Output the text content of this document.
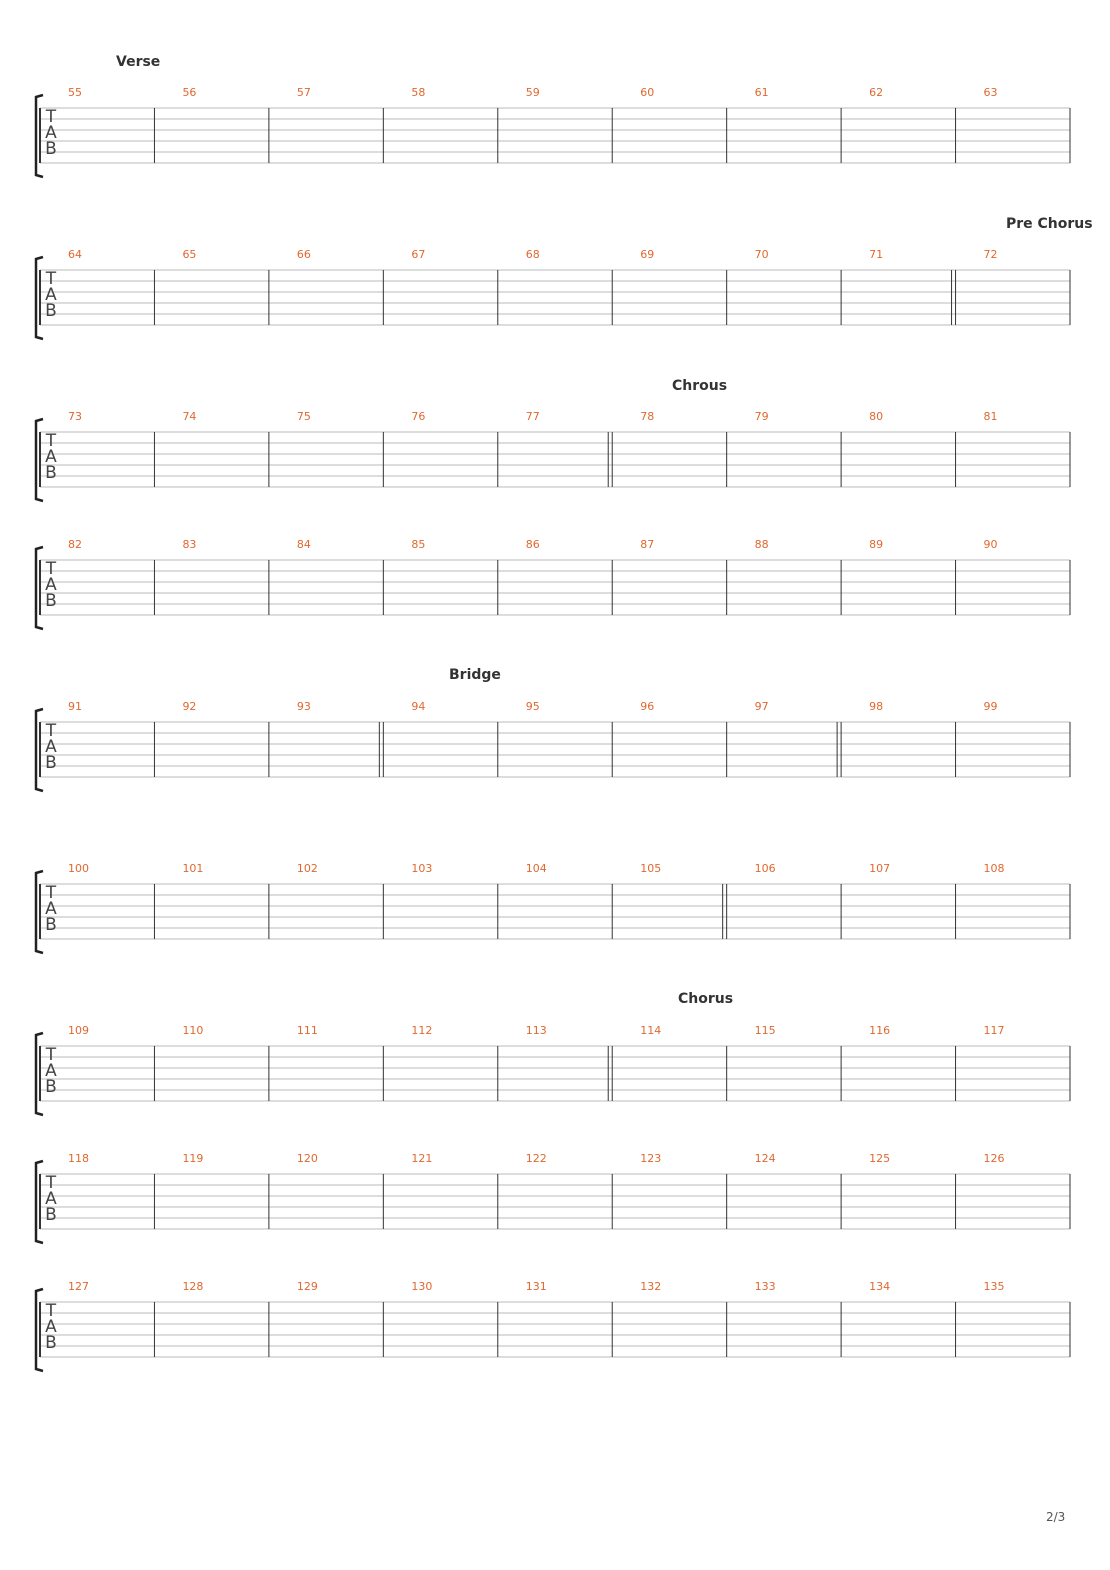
Verse
Pre Chorus
Chrous
Bridge
Chorus
T
A
B
55	56	57	58	59	60	61	62	63
T
A
B
64	65	66	67	68	69	70	71	72
T
A
B
73	74	75	76	77	78	79	80	81
T
A
B
82	83	84	85	86	87	88	89	90
T
A
B
91	92	93	94	95	96	97	98	99
T
A
B
100	101	102	103	104	105	106	107	108
T
A
B
109	110	111	112	113	114	115	116	117
T
A
B
118	119	120	121	122	123	124	125	126
T
A
B
127	128	129	130	131	132	133	134	135
2/3
